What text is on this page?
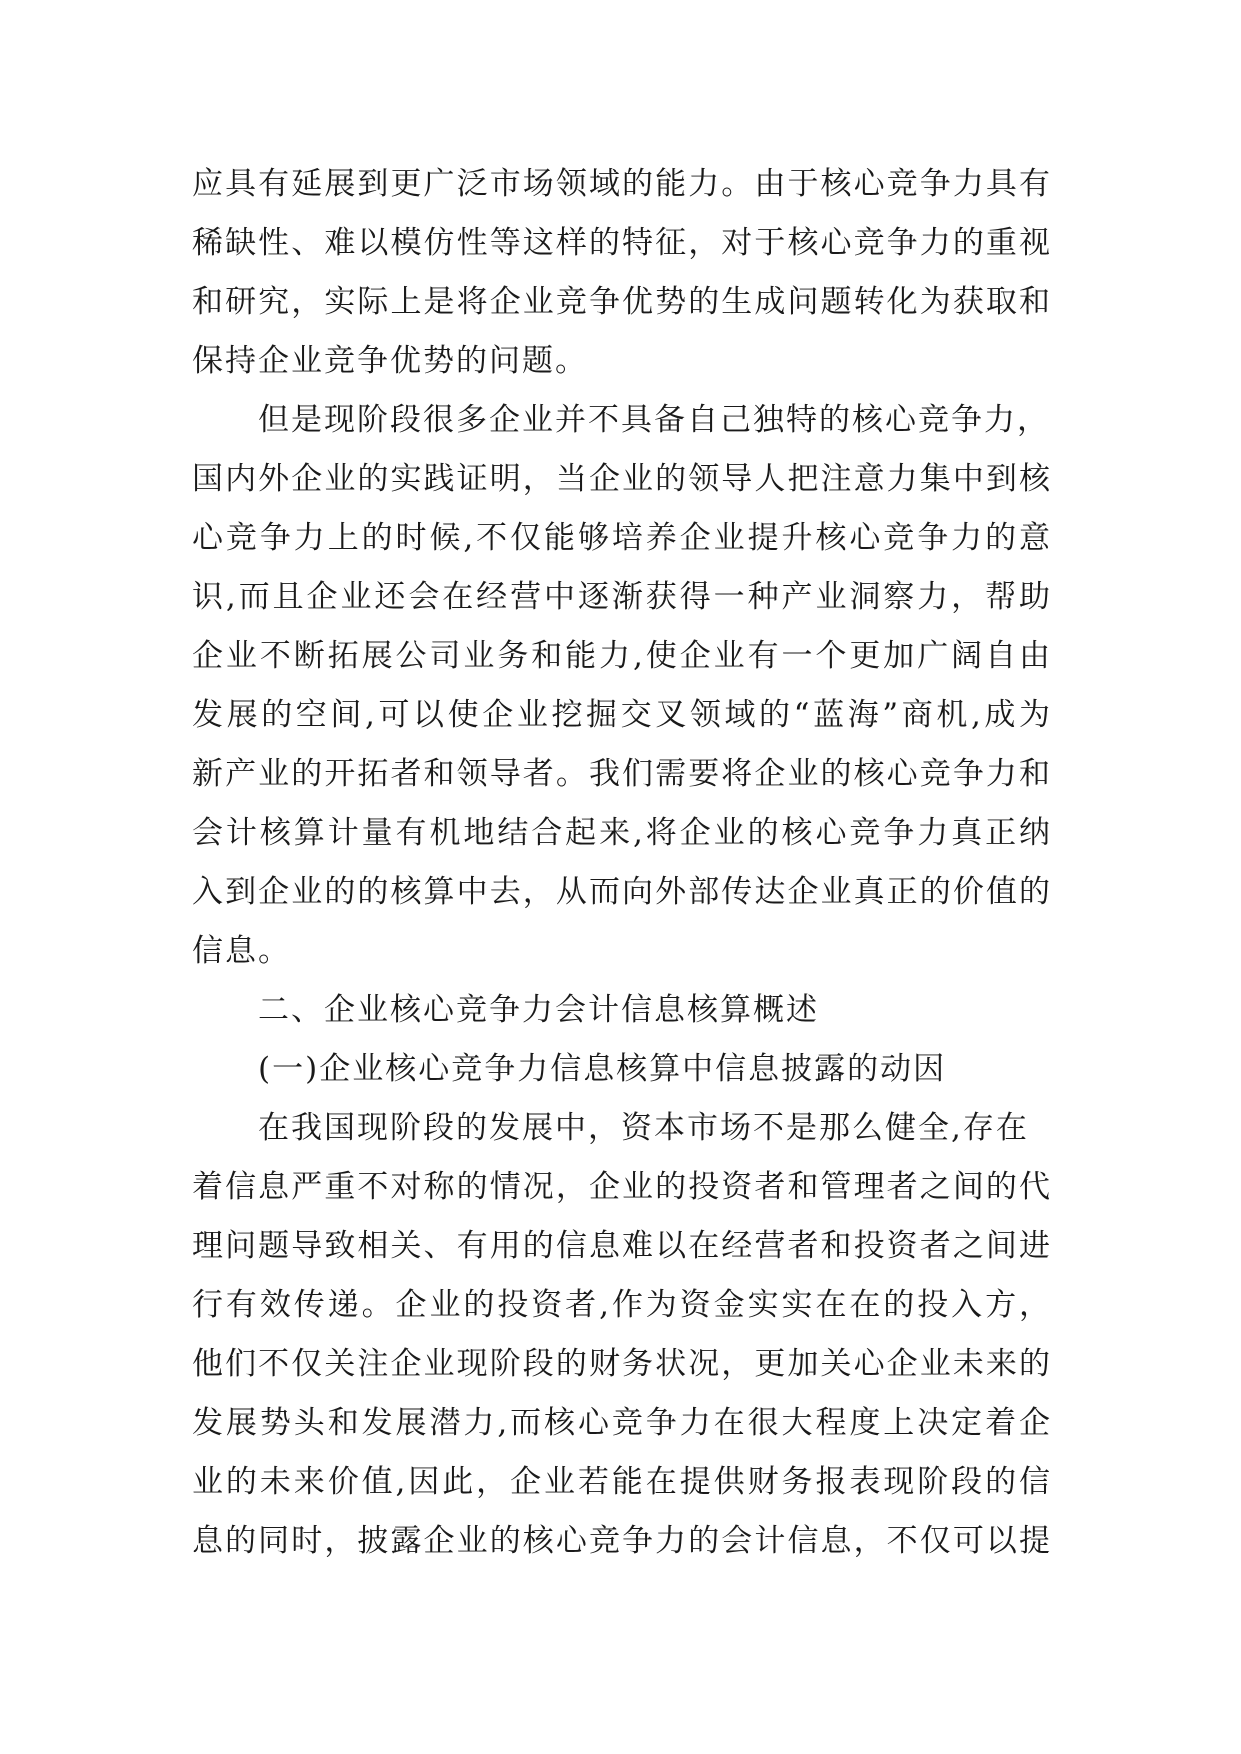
应具有延展到更广泛市场领域的能力。由于核心竞争力具有
稀缺性、难以模仿性等这样的特征，对于核心竞争力的重视
和研究，实际上是将企业竞争优势的生成问题转化为获取和
保持企业竞争优势的问题。
但是现阶段很多企业并不具备自己独特的核心竞争力，
国内外企业的实践证明，当企业的领导人把注意力集中到核
心竞争力上的时候,不仅能够培养企业提升核心竞争力的意
识,而且企业还会在经营中逐渐获得一种产业洞察力，帮助
企业不断拓展公司业务和能力,使企业有一个更加广阔自由
发展的空间,可以使企业挖掘交叉领域的“蓝海”商机,成为
新产业的开拓者和领导者。我们需要将企业的核心竞争力和
会计核算计量有机地结合起来,将企业的核心竞争力真正纳
入到企业的的核算中去，从而向外部传达企业真正的价值的
信息。
二、企业核心竞争力会计信息核算概述
(一)企业核心竞争力信息核算中信息披露的动因
在我国现阶段的发展中，资本市场不是那么健全,存在
着信息严重不对称的情况，企业的投资者和管理者之间的代
理问题导致相关、有用的信息难以在经营者和投资者之间进
行有效传递。企业的投资者,作为资金实实在在的投入方，
他们不仅关注企业现阶段的财务状况，更加关心企业未来的
发展势头和发展潜力,而核心竞争力在很大程度上决定着企
业的未来价值,因此，企业若能在提供财务报表现阶段的信
息的同时，披露企业的核心竞争力的会计信息，不仅可以提
